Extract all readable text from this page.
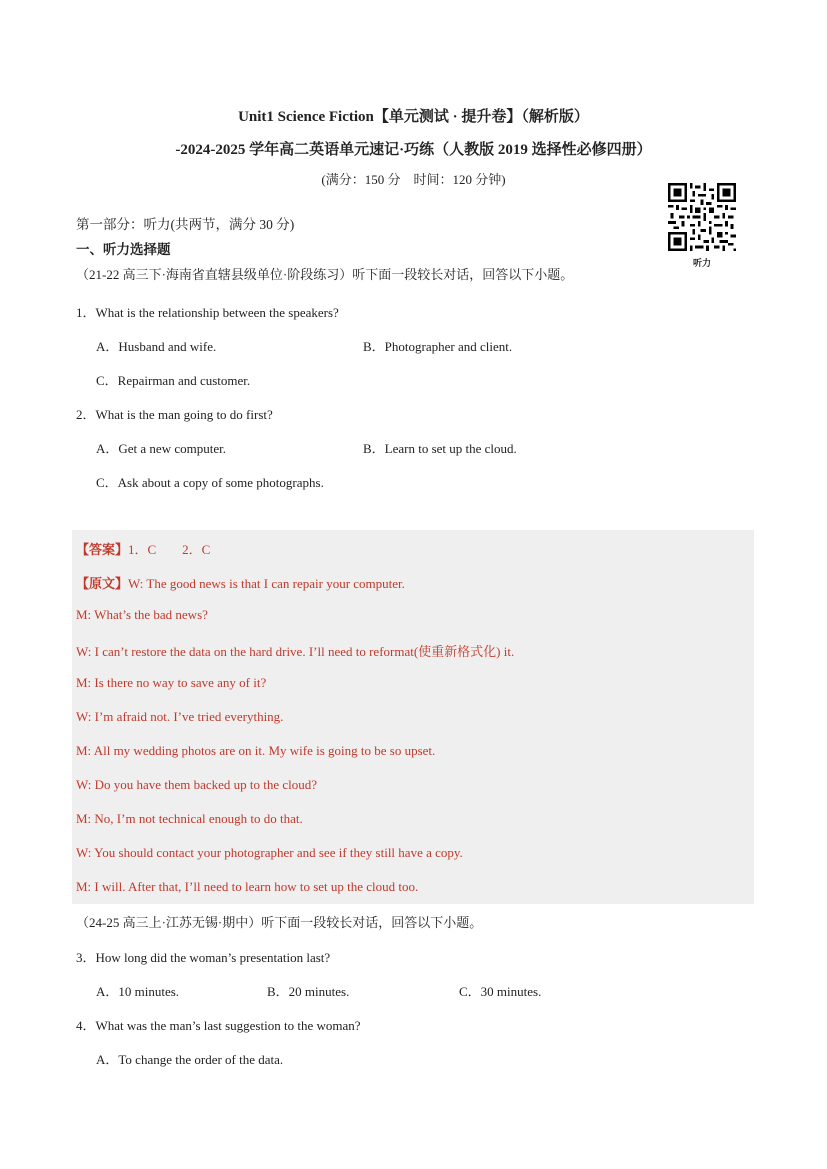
Unit1 Science Fiction【单元测试 · 提升卷】（解析版）
-2024-2025 学年高二英语单元速记·巧练（人教版 2019 选择性必修四册）
(满分：150 分　时间：120 分钟)
听力
第一部分：听力(共两节，满分 30 分)
一、听力选择题
（21-22 高三下·海南省直辖县级单位·阶段练习）听下面一段较长对话，回答以下小题。
1．What is the relationship between the speakers?
A．Husband and wife.	B．Photographer and client.
C．Repairman and customer.
2．What is the man going to do first?
A．Get a new computer.	B．Learn to set up the cloud.
C．Ask about a copy of some photographs.
【答案】1．C　　2．C
【原文】W: The good news is that I can repair your computer.
M: What’s the bad news?
W: I can’t restore the data on the hard drive. I’ll need to reformat(使重新格式化) it.
M: Is there no way to save any of it?
W: I’m afraid not. I’ve tried everything.
M: All my wedding photos are on it. My wife is going to be so upset.
W: Do you have them backed up to the cloud?
M: No, I’m not technical enough to do that.
W: You should contact your photographer and see if they still have a copy.
M: I will. After that, I’ll need to learn how to set up the cloud too.
（24-25 高三上·江苏无锡·期中）听下面一段较长对话，回答以下小题。
3．How long did the woman’s presentation last?
A．10 minutes.	B．20 minutes.	C．30 minutes.
4．What was the man’s last suggestion to the woman?
A．To change the order of the data.
